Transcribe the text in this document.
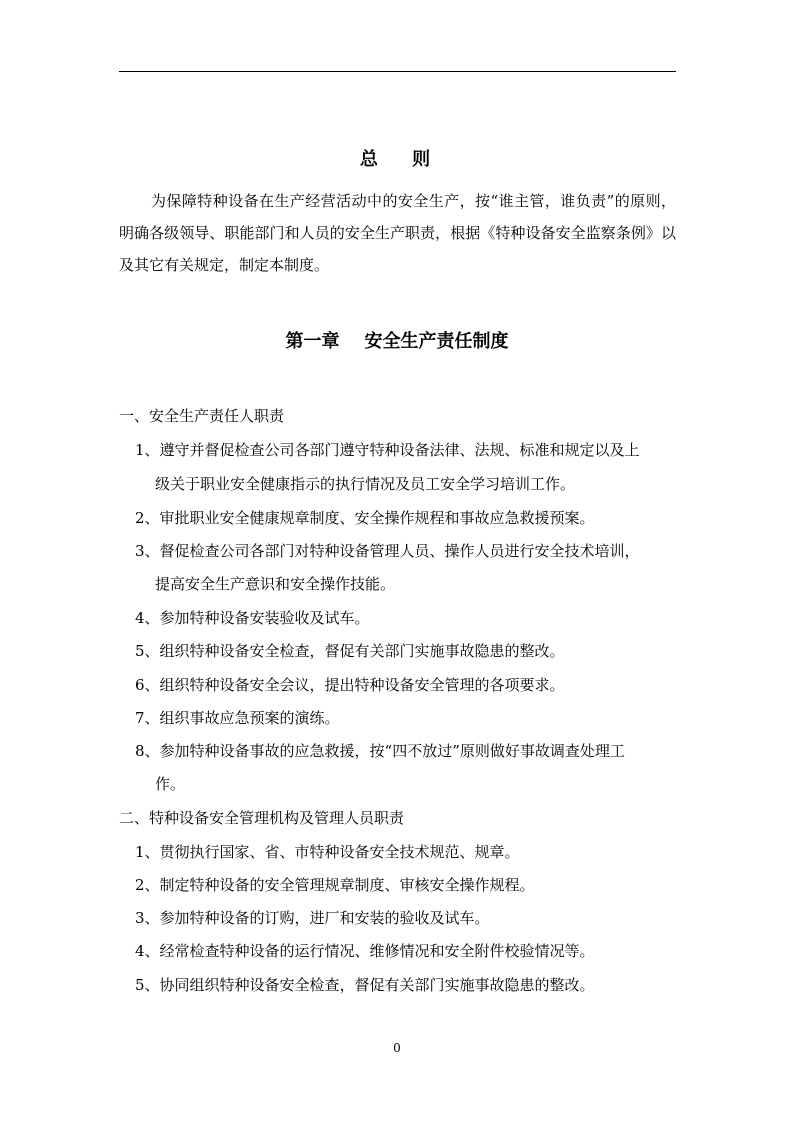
总 则

为保障特种设备在生产经营活动中的安全生产，按“谁主管，谁负责”的原则，明确各级领导、职能部门和人员的安全生产职责，根据《特种设备安全监察条例》以及其它有关规定，制定本制度。

第一章    安全生产责任制度
一、安全生产责任人职责
1、遵守并督促检查公司各部门遵守特种设备法律、法规、标准和规定以及上
级关于职业安全健康指示的执行情况及员工安全学习培训工作。
2、审批职业安全健康规章制度、安全操作规程和事故应急救援预案。
3、督促检查公司各部门对特种设备管理人员、操作人员进行安全技术培训，
提高安全生产意识和安全操作技能。
4、参加特种设备安装验收及试车。
5、组织特种设备安全检查，督促有关部门实施事故隐患的整改。
6、组织特种设备安全会议，提出特种设备安全管理的各项要求。
7、组织事故应急预案的演练。
8、参加特种设备事故的应急救援，按“四不放过”原则做好事故调查处理工
作。
二、特种设备安全管理机构及管理人员职责
1、贯彻执行国家、省、市特种设备安全技术规范、规章。
2、制定特种设备的安全管理规章制度、审核安全操作规程。
3、参加特种设备的订购，进厂和安装的验收及试车。
4、经常检查特种设备的运行情况、维修情况和安全附件校验情况等。
5、协同组织特种设备安全检查，督促有关部门实施事故隐患的整改。
0
